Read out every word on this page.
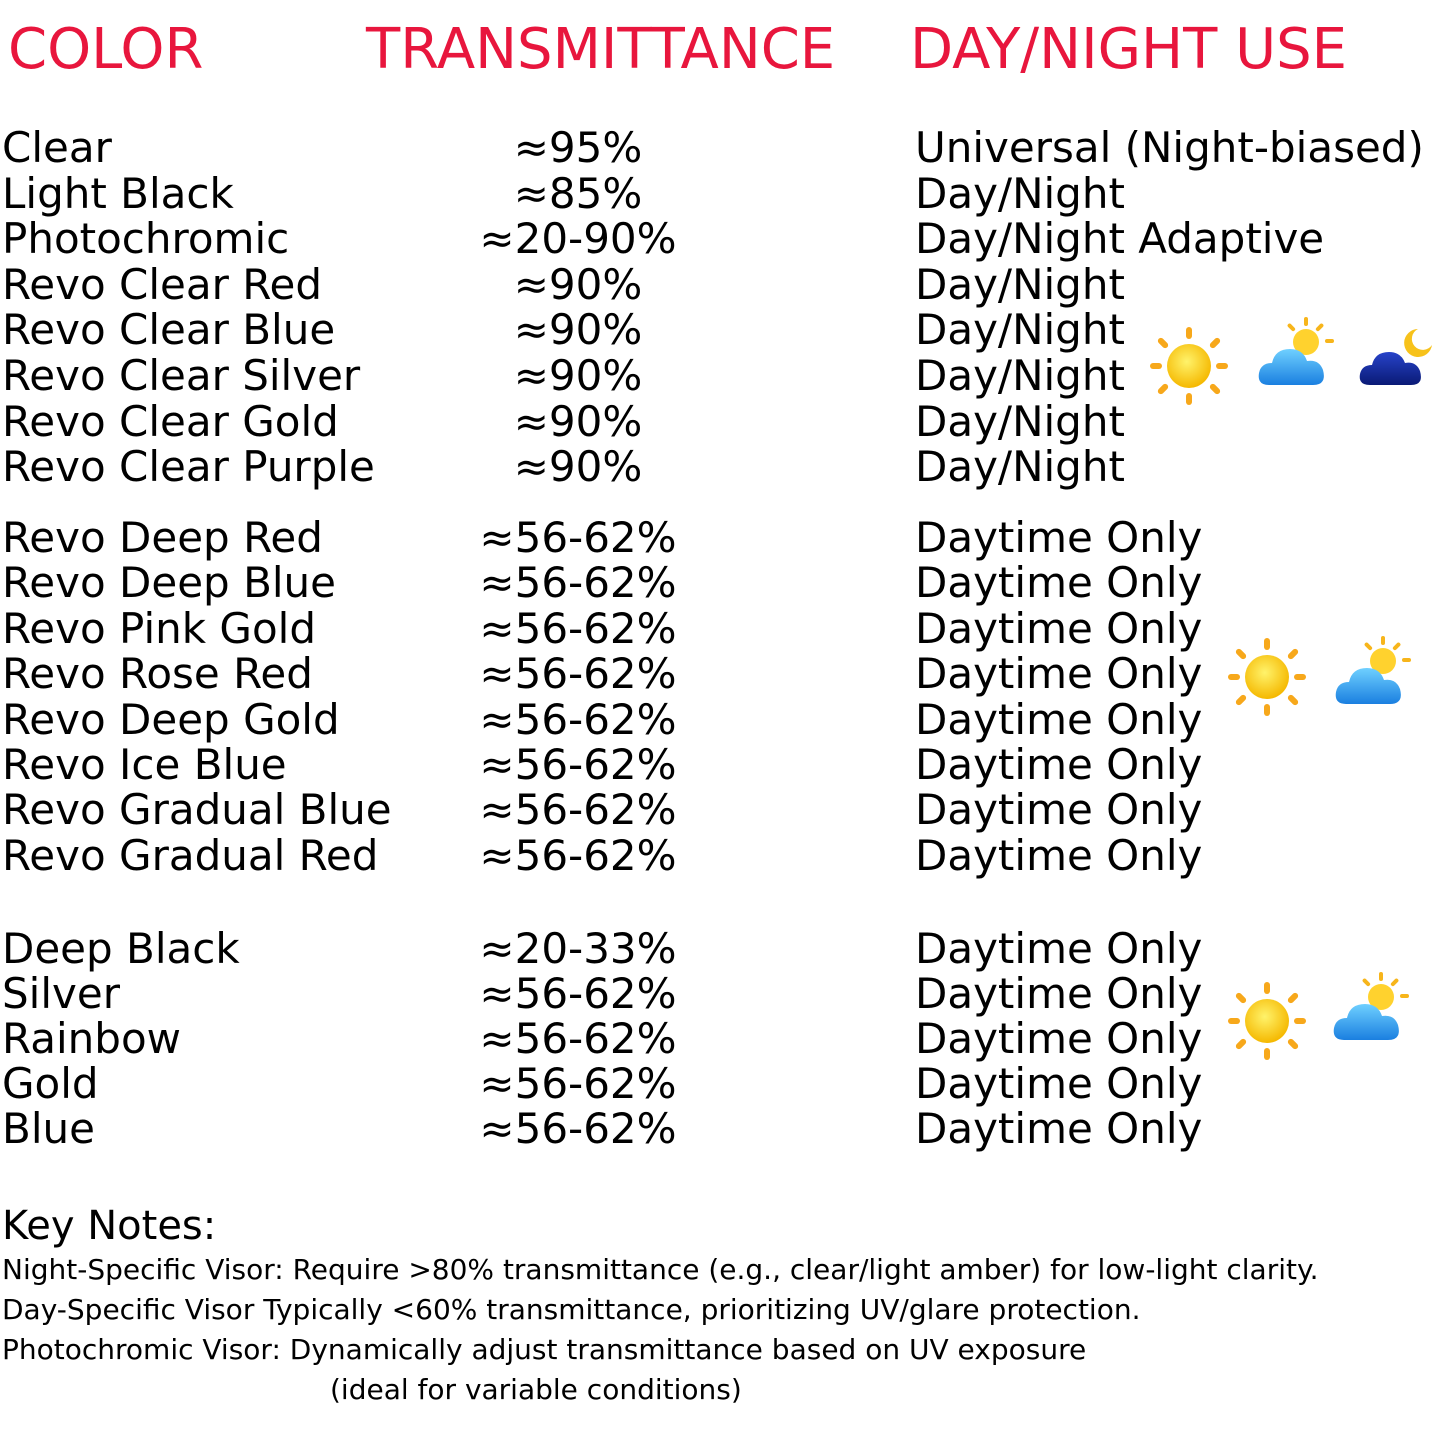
COLOR	TRANSMITTANCE DAY/NIGHT USE
Clear	≈95%	Universal (Night-biased)
Light Black	≈85%	Day/Night
Photochromic	≈20-90%	Day/Night Adaptive
Revo Clear Red	≈90%	Day/Night
Revo Clear Blue	≈90%	Day/Night
Revo Clear Silver	≈90%	Day/Night
Revo Clear Gold	≈90%	Day/Night
Revo Clear Purple	≈90%	Day/Night
Revo Deep Red	≈56-62%	Daytime Only
Revo Deep Blue	≈56-62%	Daytime Only
Revo Pink Gold	≈56-62%	Daytime Only
Revo Rose Red	≈56-62%	Daytime Only
Revo Deep Gold	≈56-62%	Daytime Only
Revo Ice Blue	≈56-62%	Daytime Only
Revo Gradual Blue ≈56-62%	Daytime Only
Revo Gradual Red ≈56-62%	Daytime Only
Deep Black	≈20-33%	Daytime Only
Silver	≈56-62%	Daytime Only
Rainbow	≈56-62%	Daytime Only
Gold	≈56-62%	Daytime Only
Blue	≈56-62%	Daytime Only
Key Notes:
Night-Specific Visor: Require >80% transmittance (e.g., clear/light amber) for low-light clarity.
Day-Specific Visor Typically <60% transmittance, prioritizing UV/glare protection.
Photochromic Visor: Dynamically adjust transmittance based on UV exposure
(ideal for variable conditions)
